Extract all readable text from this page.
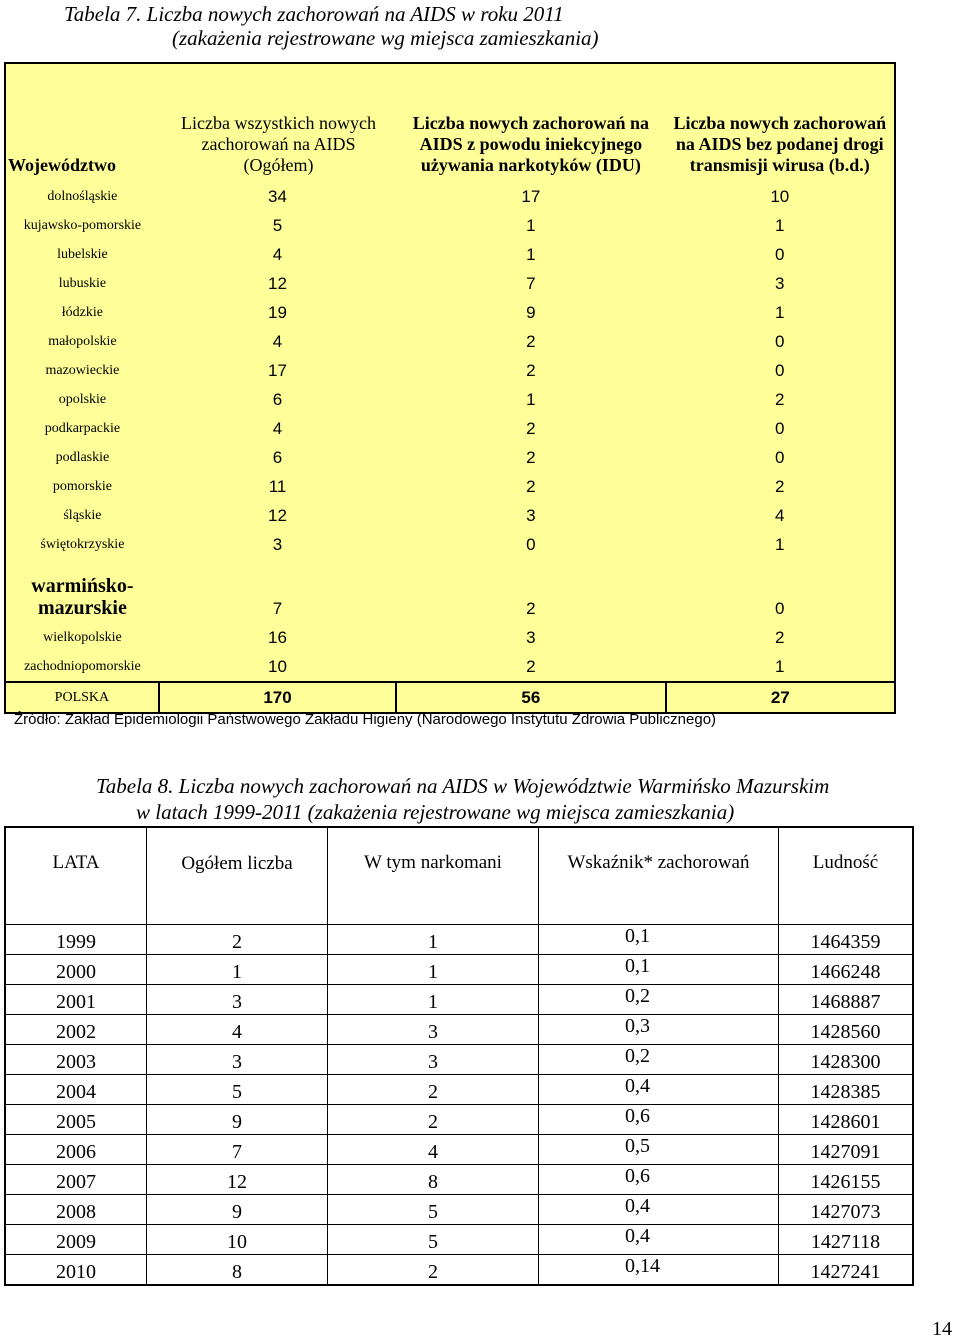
Tabela 7. Liczba nowych zachorowań na AIDS w roku 2011
(zakażenia rejestrowane wg miejsca zamieszkania)
Województwo	Liczba wszystkich nowych zachorowań na AIDS (Ogółem)	Liczba nowych zachorowań na AIDS z powodu iniekcyjnego używania narkotyków (IDU)	Liczba nowych zachorowań na AIDS bez podanej drogi transmisji wirusa (b.d.)
dolnośląskie	34	17	10
kujawsko-pomorskie	5	1	1
lubelskie	4	1	0
lubuskie	12	7	3
łódzkie	19	9	1
małopolskie	4	2	0
mazowieckie	17	2	0
opolskie	6	1	2
podkarpackie	4	2	0
podlaskie	6	2	0
pomorskie	11	2	2
śląskie	12	3	4
świętokrzyskie	3	0	1
warmińsko-mazurskie	7	2	0
wielkopolskie	16	3	2
zachodniopomorskie	10	2	1
POLSKA	170	56	27
Źródło: Zakład Epidemiologii Państwowego Zakładu Higieny (Narodowego Instytutu Zdrowia Publicznego)
Tabela 8. Liczba nowych zachorowań na AIDS w Województwie Warmińsko Mazurskim
w latach 1999-2011 (zakażenia rejestrowane wg miejsca zamieszkania)
LATA	Ogółem liczba	W tym narkomani	Wskaźnik* zachorowań	Ludność
1999	2	1	0,1	1464359
2000	1	1	0,1	1466248
2001	3	1	0,2	1468887
2002	4	3	0,3	1428560
2003	3	3	0,2	1428300
2004	5	2	0,4	1428385
2005	9	2	0,6	1428601
2006	7	4	0,5	1427091
2007	12	8	0,6	1426155
2008	9	5	0,4	1427073
2009	10	5	0,4	1427118
2010	8	2	0,14	1427241
14
